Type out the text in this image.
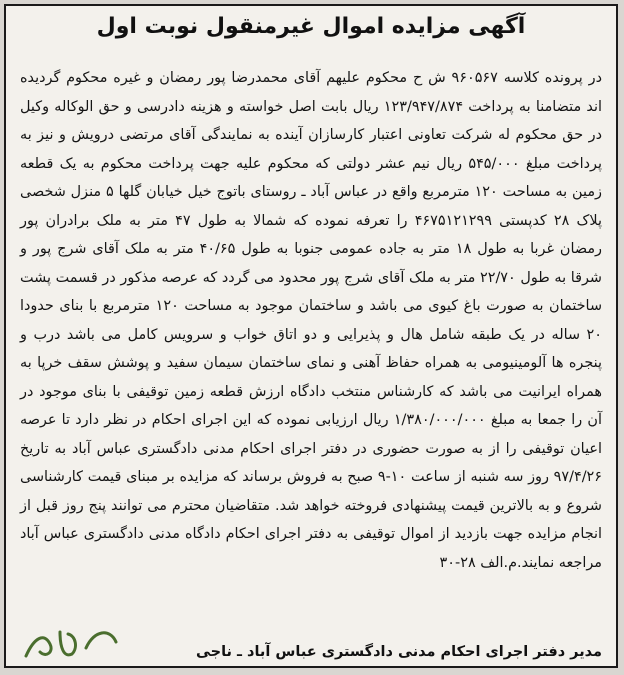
آگهی مزایده اموال غیرمنقول نوبت اول

در پرونده کلاسه ۹۶۰۵۶۷ ش ح محکوم علیهم آقای محمدرضا پور رمضان و غیره محکوم گردیده اند متضامنا به پرداخت ۱۲۳/۹۴۷/۸۷۴ ریال بابت اصل خواسته و هزینه دادرسی و حق الوکاله وکیل در حق محکوم له شرکت تعاونی اعتبار کارسازان آینده به نمایندگی آقای مرتضی درویش و نیز به پرداخت مبلغ ۵۴۵/۰۰۰ ریال نیم عشر دولتی که محکوم علیه جهت پرداخت محکوم به یک قطعه زمین به مساحت ۱۲۰ مترمربع واقع در عباس آباد ـ روستای باتوج خیل خیابان گلها ۵ منزل شخصی پلاک ۲۸ کدپستی ۴۶۷۵۱۲۱۲۹۹ را تعرفه نموده که شمالا به طول ۴۷ متر به ملک برادران پور رمضان غربا به طول ۱۸ متر به جاده عمومی جنوبا به طول ۴۰/۶۵ متر به ملک آقای شرج پور و شرقا به طول ۲۲/۷۰ متر به ملک آقای شرج پور محدود می گردد که عرصه مذکور در قسمت پشت ساختمان به صورت باغ کیوی می باشد و ساختمان موجود به مساحت ۱۲۰ مترمربع با بنای حدودا ۲۰ ساله در یک طبقه شامل هال و پذیرایی و دو اتاق خواب و سرویس کامل می باشد درب و پنجره ها آلومینیومی به همراه حفاظ آهنی و نمای ساختمان سیمان سفید و پوشش سقف خرپا به همراه ایرانیت می باشد که کارشناس منتخب دادگاه ارزش قطعه زمین توقیفی با بنای موجود در آن را جمعا به مبلغ ۱/۳۸۰/۰۰۰/۰۰۰ ریال ارزیابی نموده که این اجرای احکام در نظر دارد تا عرصه اعیان توقیفی را از به صورت حضوری در دفتر اجرای احکام مدنی دادگستری عباس آباد به تاریخ ۹۷/۴/۲۶ روز سه شنبه از ساعت ۱۰-۹ صبح به فروش برساند که مزایده بر مبنای قیمت کارشناسی شروع و به بالاترین قیمت پیشنهادی فروخته خواهد شد. متقاضیان محترم می توانند پنج روز قبل از انجام مزایده جهت بازدید از اموال توقیفی به دفتر اجرای احکام دادگاه مدنی دادگستری عباس آباد مراجعه نمایند.م.الف ۲۸-۳۰

مدیر دفتر اجرای احکام مدنی دادگستری عباس آباد ـ ناجی
